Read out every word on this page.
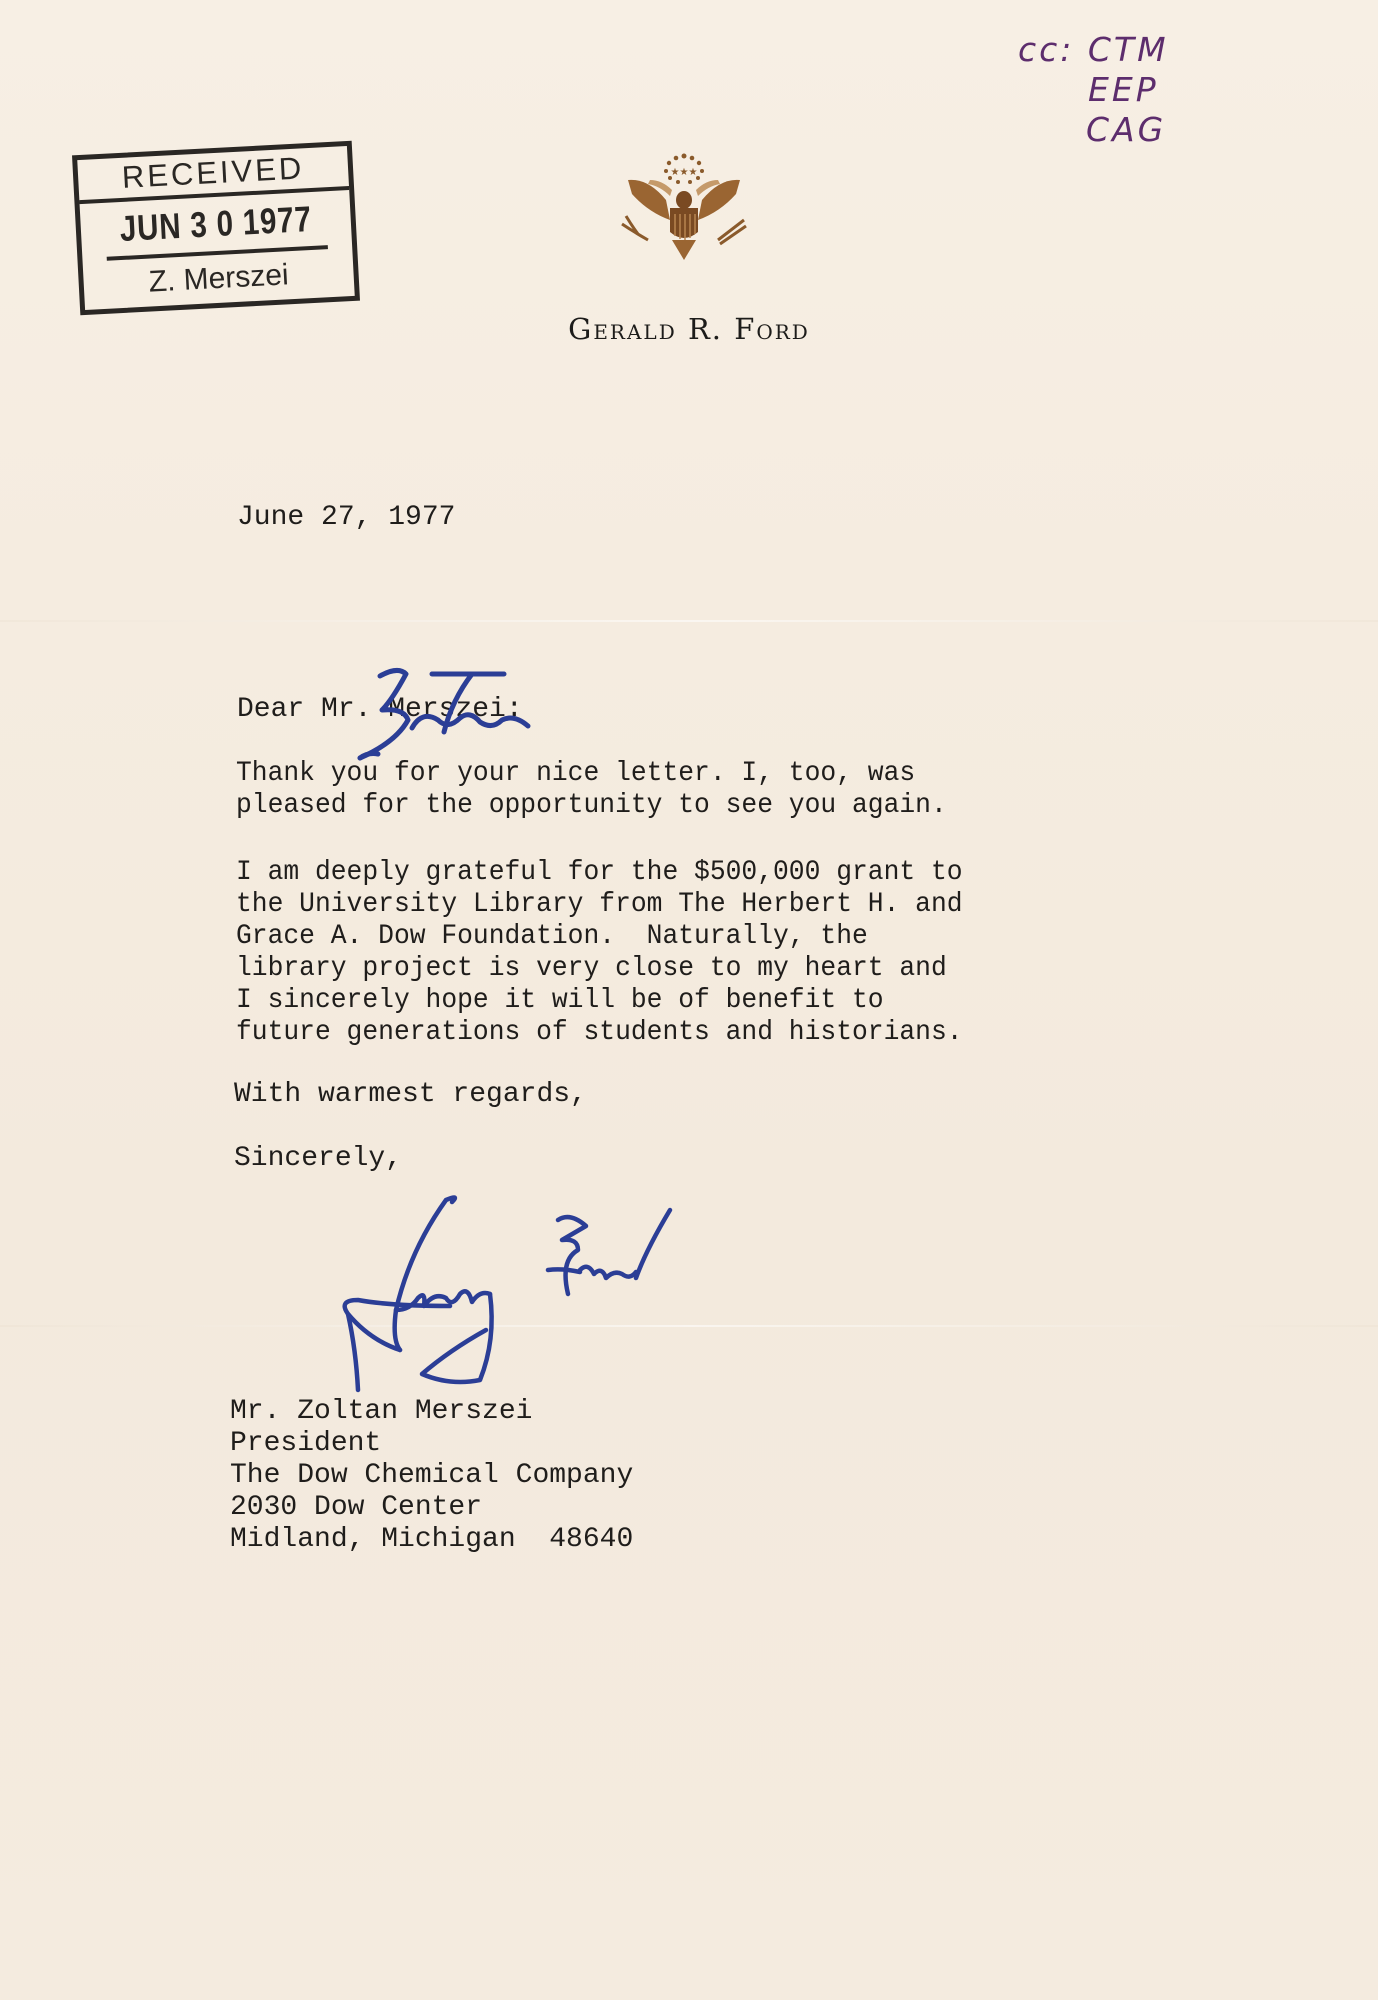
RECEIVED
JUN 3 0 1977
Z. Merszei
cc: CTM
EEP
CAG
★★★
Gerald R. Ford
June 27, 1977
Dear Mr. Merszei:
Thank you for your nice letter. I, too, was
pleased for the opportunity to see you again.
I am deeply grateful for the $500,000 grant to
the University Library from The Herbert H. and
Grace A. Dow Foundation.  Naturally, the
library project is very close to my heart and
I sincerely hope it will be of benefit to
future generations of students and historians.
With warmest regards,
Sincerely,
Mr. Zoltan Merszei
President
The Dow Chemical Company
2030 Dow Center
Midland, Michigan  48640
